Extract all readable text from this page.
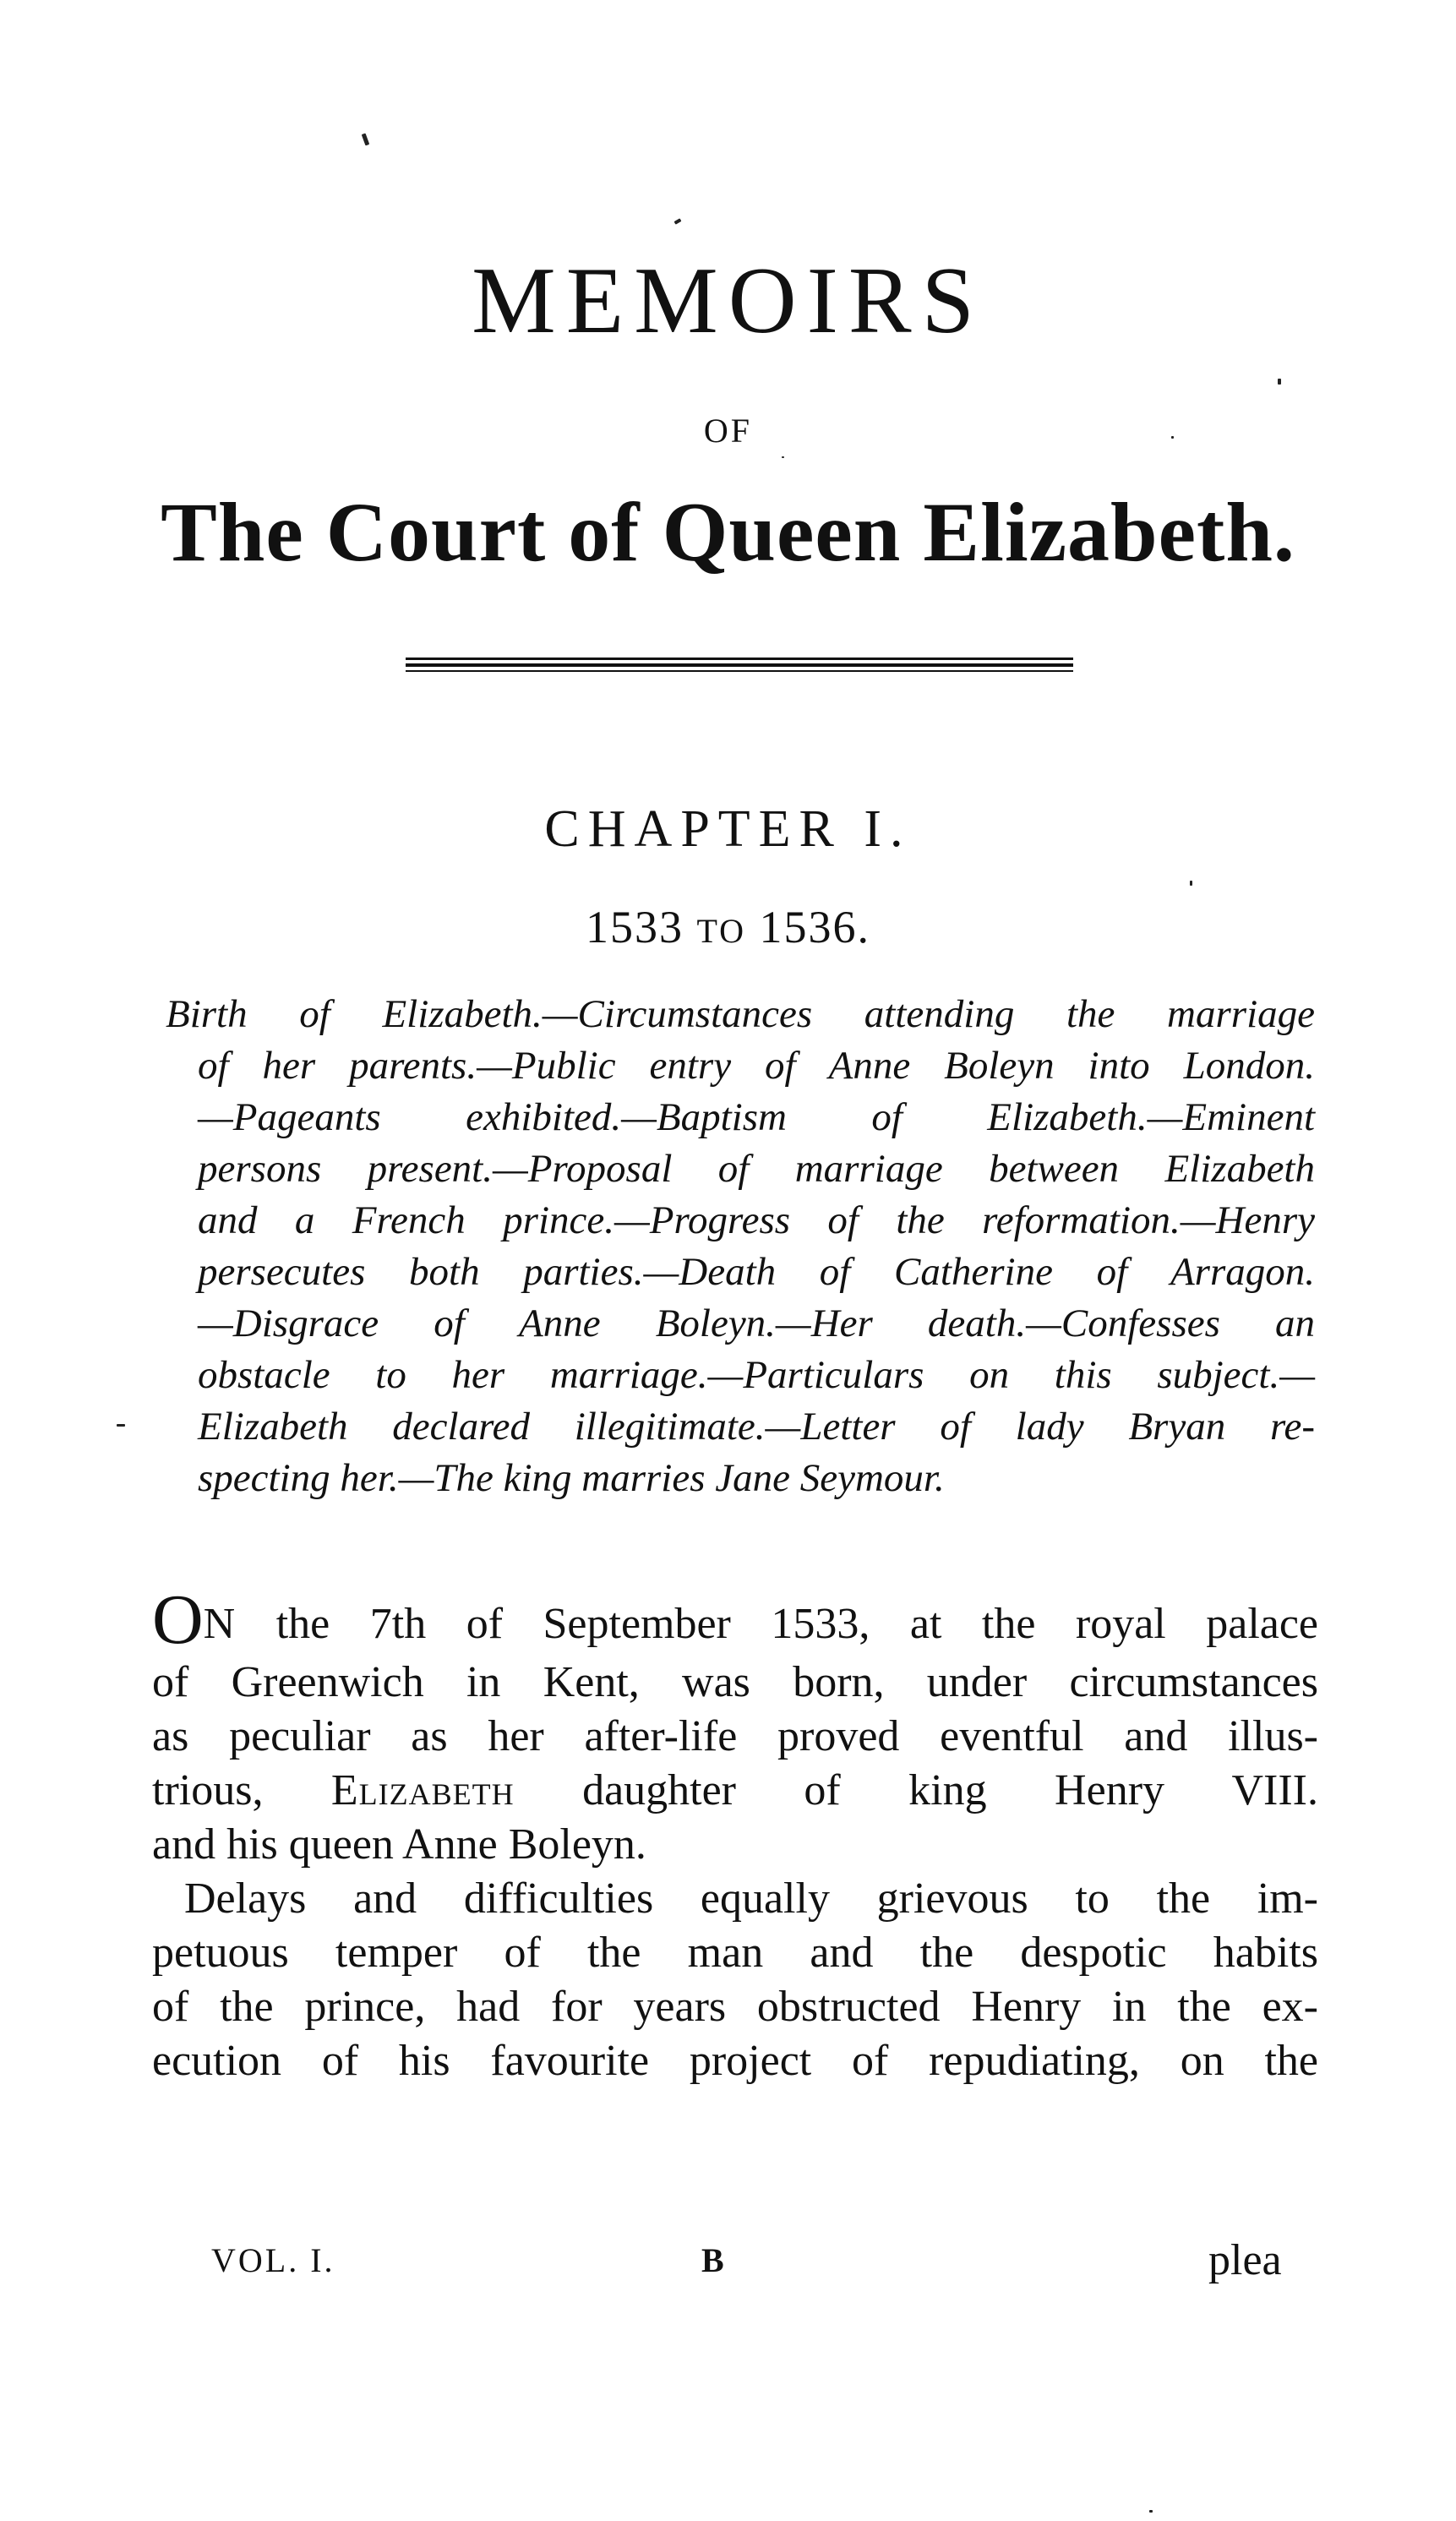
MEMOIRS
OF
The Court of Queen Elizabeth.
CHAPTER I.
1533 TO 1536.
Birth of Elizabeth.—Circumstances attending the marriage
of her parents.—Public entry of Anne Boleyn into London.
—Pageants exhibited.—Baptism of Elizabeth.—Eminent
persons present.—Proposal of marriage between Elizabeth
and a French prince.—Progress of the reformation.—Henry
persecutes both parties.—Death of Catherine of Arragon.
—Disgrace of Anne Boleyn.—Her death.—Confesses an
obstacle to her marriage.—Particulars on this subject.—
Elizabeth declared illegitimate.—Letter of lady Bryan re-
specting her.—The king marries Jane Seymour.
ON the 7th of September 1533, at the royal palace
of Greenwich in Kent, was born, under circumstances
as peculiar as her after-life proved eventful and illus-
trious, Elizabeth daughter of king Henry VIII.
and his queen Anne Boleyn.
Delays and difficulties equally grievous to the im-
petuous temper of the man and the despotic habits
of the prince, had for years obstructed Henry in the ex-
ecution of his favourite project of repudiating, on the
VOL. I.	B	plea
